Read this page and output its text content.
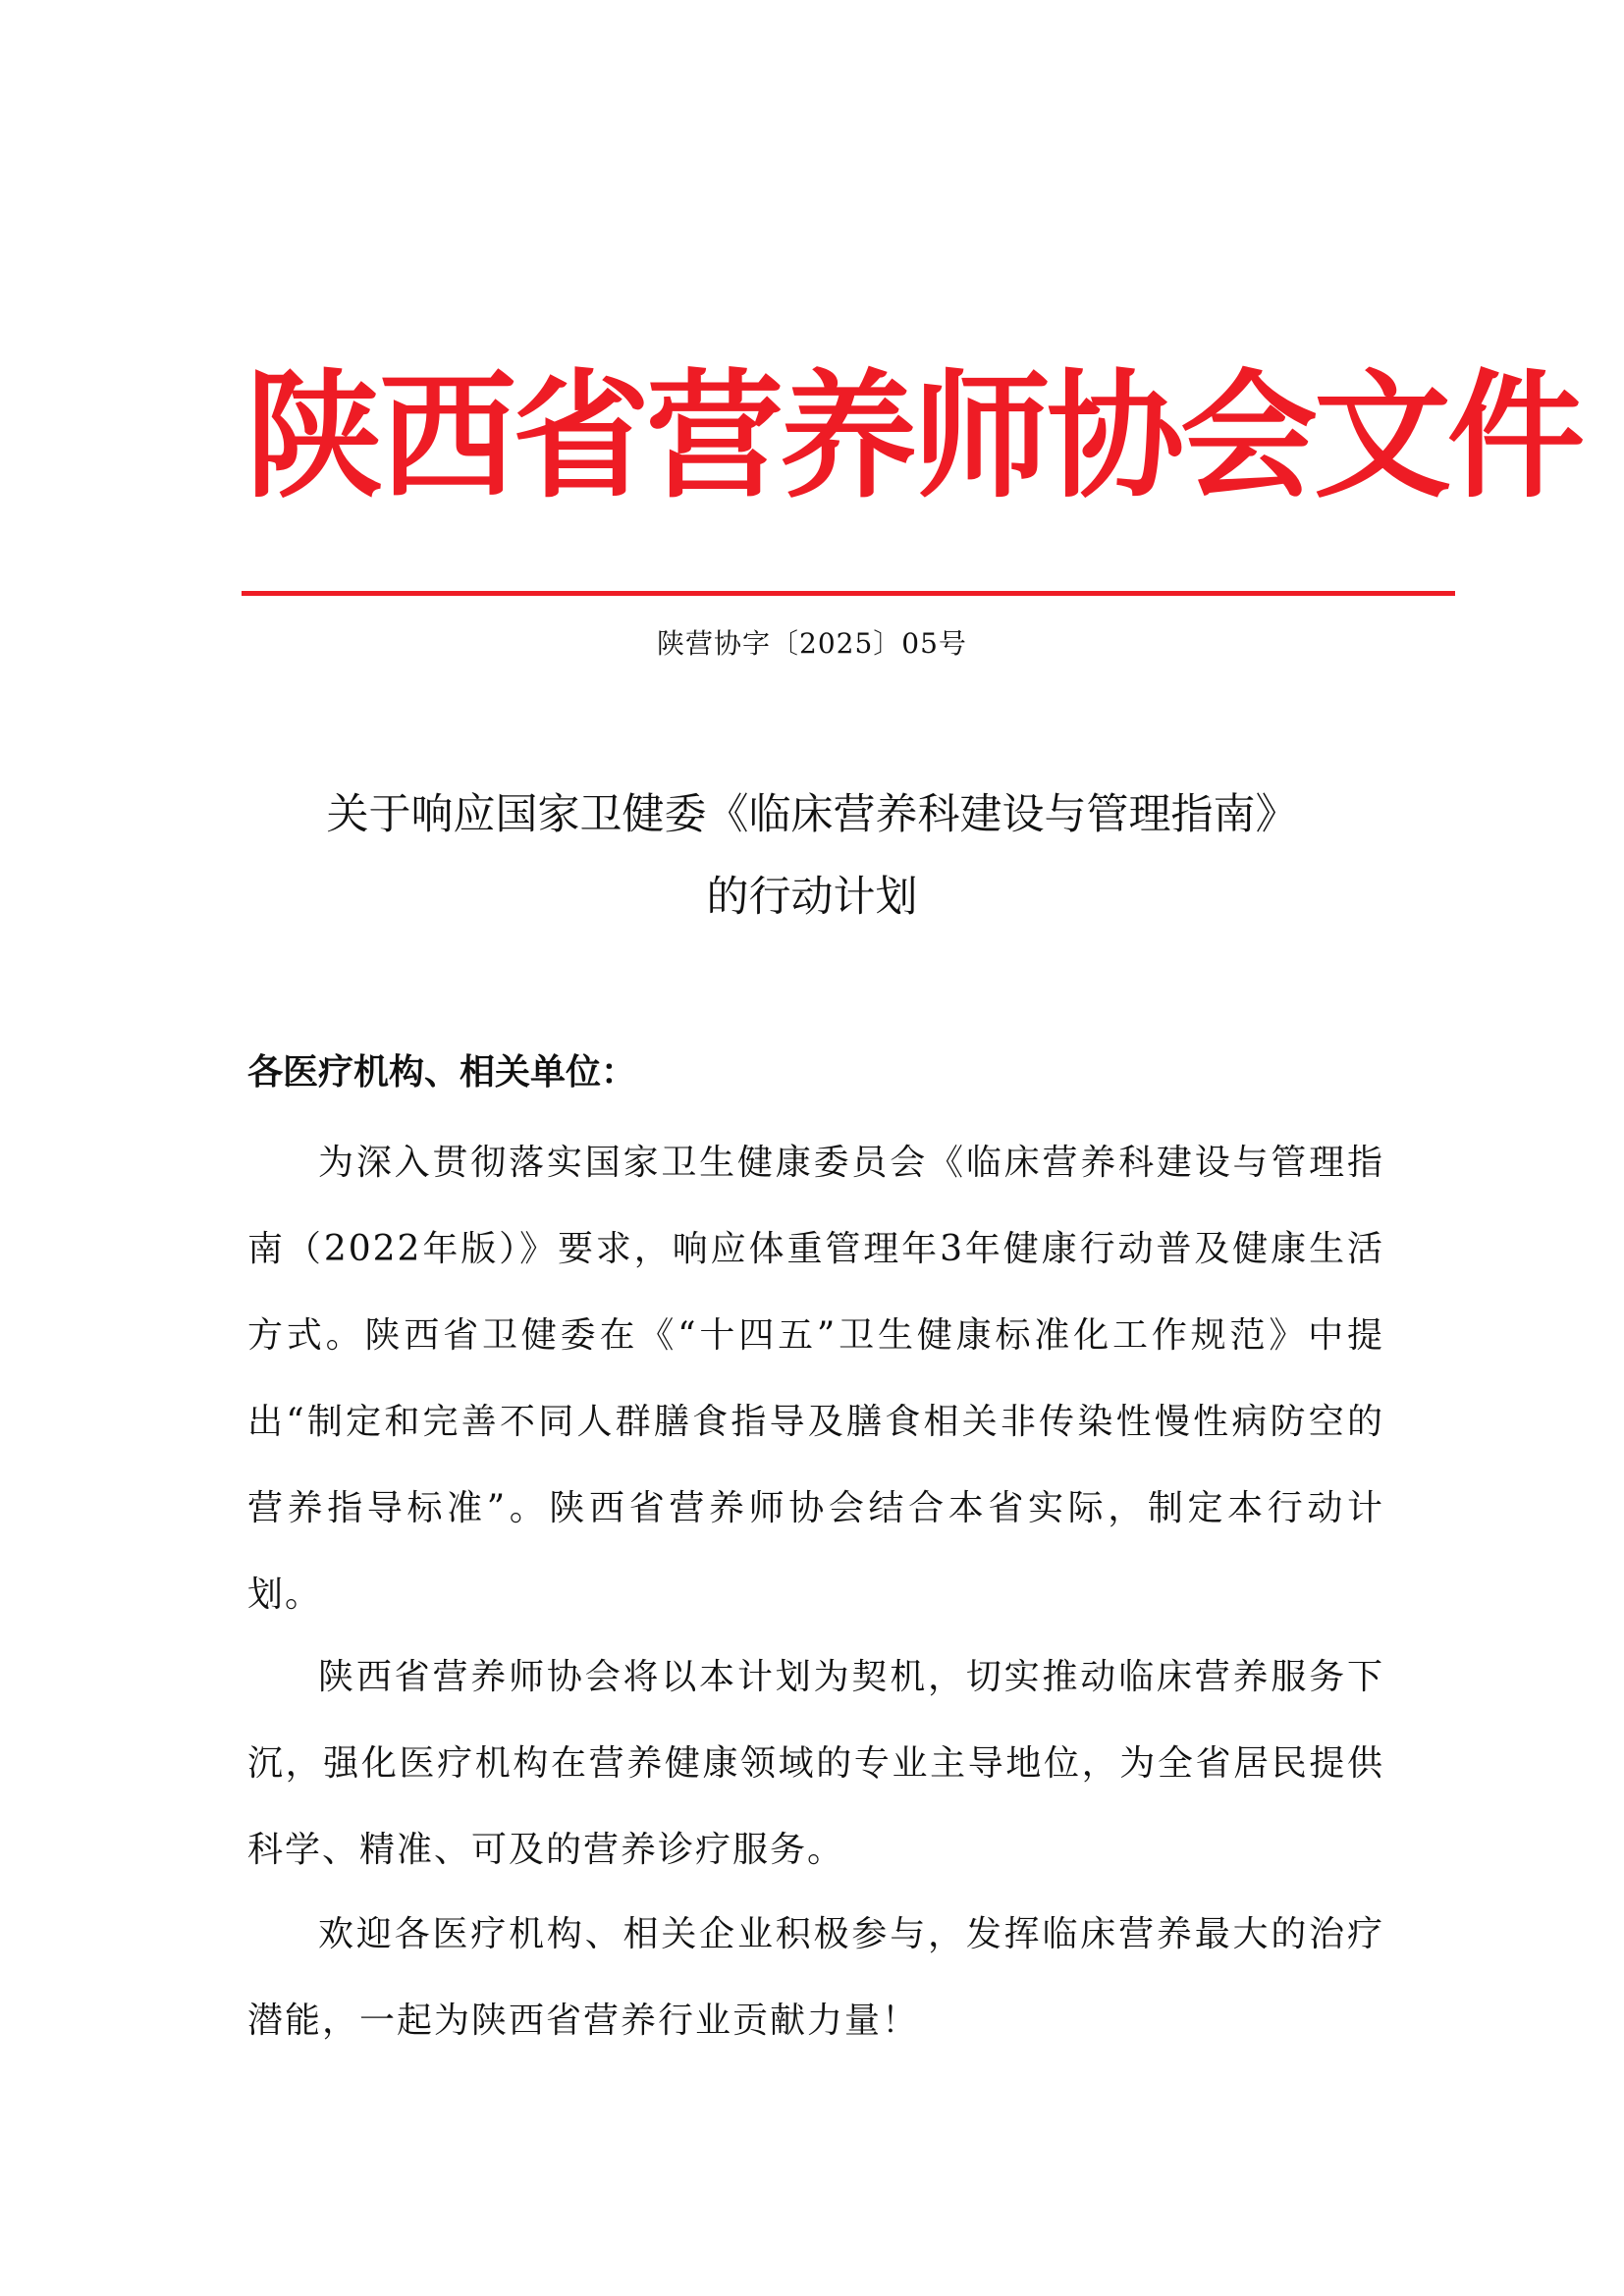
陕西省营养师协会文件
陕营协字〔2025〕05号
关于响应国家卫健委《临床营养科建设与管理指南》
的行动计划
各医疗机构、相关单位：

为深入贯彻落实国家卫生健康委员会《临床营养科建设与管理指南（2022年版）》要求，响应体重管理年3年健康行动普及健康生活方式。陕西省卫健委在《“十四五”卫生健康标准化工作规范》中提出“制定和完善不同人群膳食指导及膳食相关非传染性慢性病防空的营养指导标准”。陕西省营养师协会结合本省实际，制定本行动计划。

陕西省营养师协会将以本计划为契机，切实推动临床营养服务下沉，强化医疗机构在营养健康领域的专业主导地位，为全省居民提供科学、精准、可及的营养诊疗服务。

欢迎各医疗机构、相关企业积极参与，发挥临床营养最大的治疗潜能，一起为陕西省营养行业贡献力量！
